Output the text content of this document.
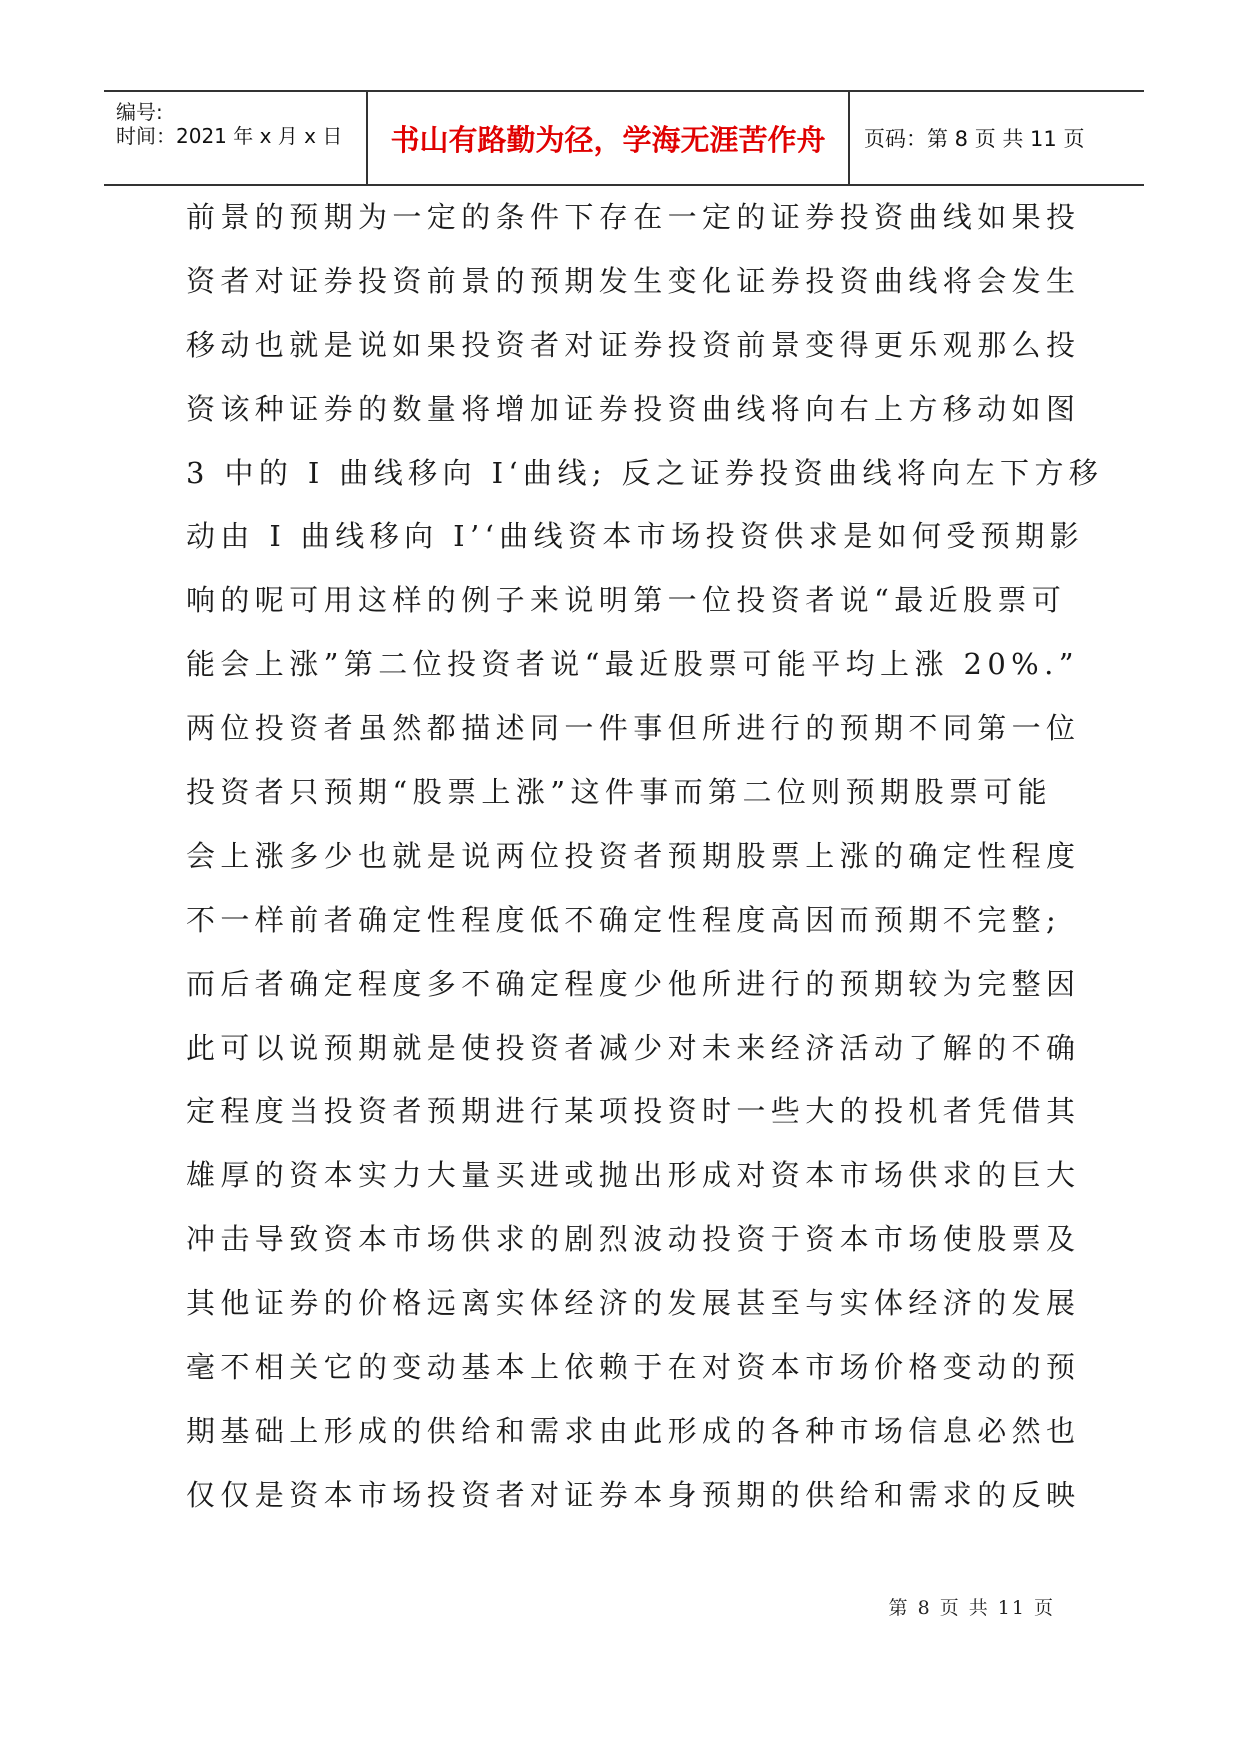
编号:
时间：2021 年 x 月 x 日 书山有路勤为径，学海无涯苦作舟 页码：第 8 页 共 11 页
前景的预期为一定的条件下存在一定的证券投资曲线如果投
资者对证券投资前景的预期发生变化证券投资曲线将会发生
移动也就是说如果投资者对证券投资前景变得更乐观那么投
资该种证券的数量将增加证券投资曲线将向右上方移动如图
3 中的 I 曲线移向 I‘曲线; 反之证券投资曲线将向左下方移
动由 I 曲线移向 I’‘曲线资本市场投资供求是如何受预期影
响的呢可用这样的例子来说明第一位投资者说“最近股票可
能会上涨”第二位投资者说“最近股票可能平均上涨 20%.”
两位投资者虽然都描述同一件事但所进行的预期不同第一位
投资者只预期“股票上涨”这件事而第二位则预期股票可能
会上涨多少也就是说两位投资者预期股票上涨的确定性程度
不一样前者确定性程度低不确定性程度高因而预期不完整;
而后者确定程度多不确定程度少他所进行的预期较为完整因
此可以说预期就是使投资者减少对未来经济活动了解的不确
定程度当投资者预期进行某项投资时一些大的投机者凭借其
雄厚的资本实力大量买进或抛出形成对资本市场供求的巨大
冲击导致资本市场供求的剧烈波动投资于资本市场使股票及
其他证券的价格远离实体经济的发展甚至与实体经济的发展
毫不相关它的变动基本上依赖于在对资本市场价格变动的预
期基础上形成的供给和需求由此形成的各种市场信息必然也
仅仅是资本市场投资者对证券本身预期的供给和需求的反映
第 8 页 共 11 页
